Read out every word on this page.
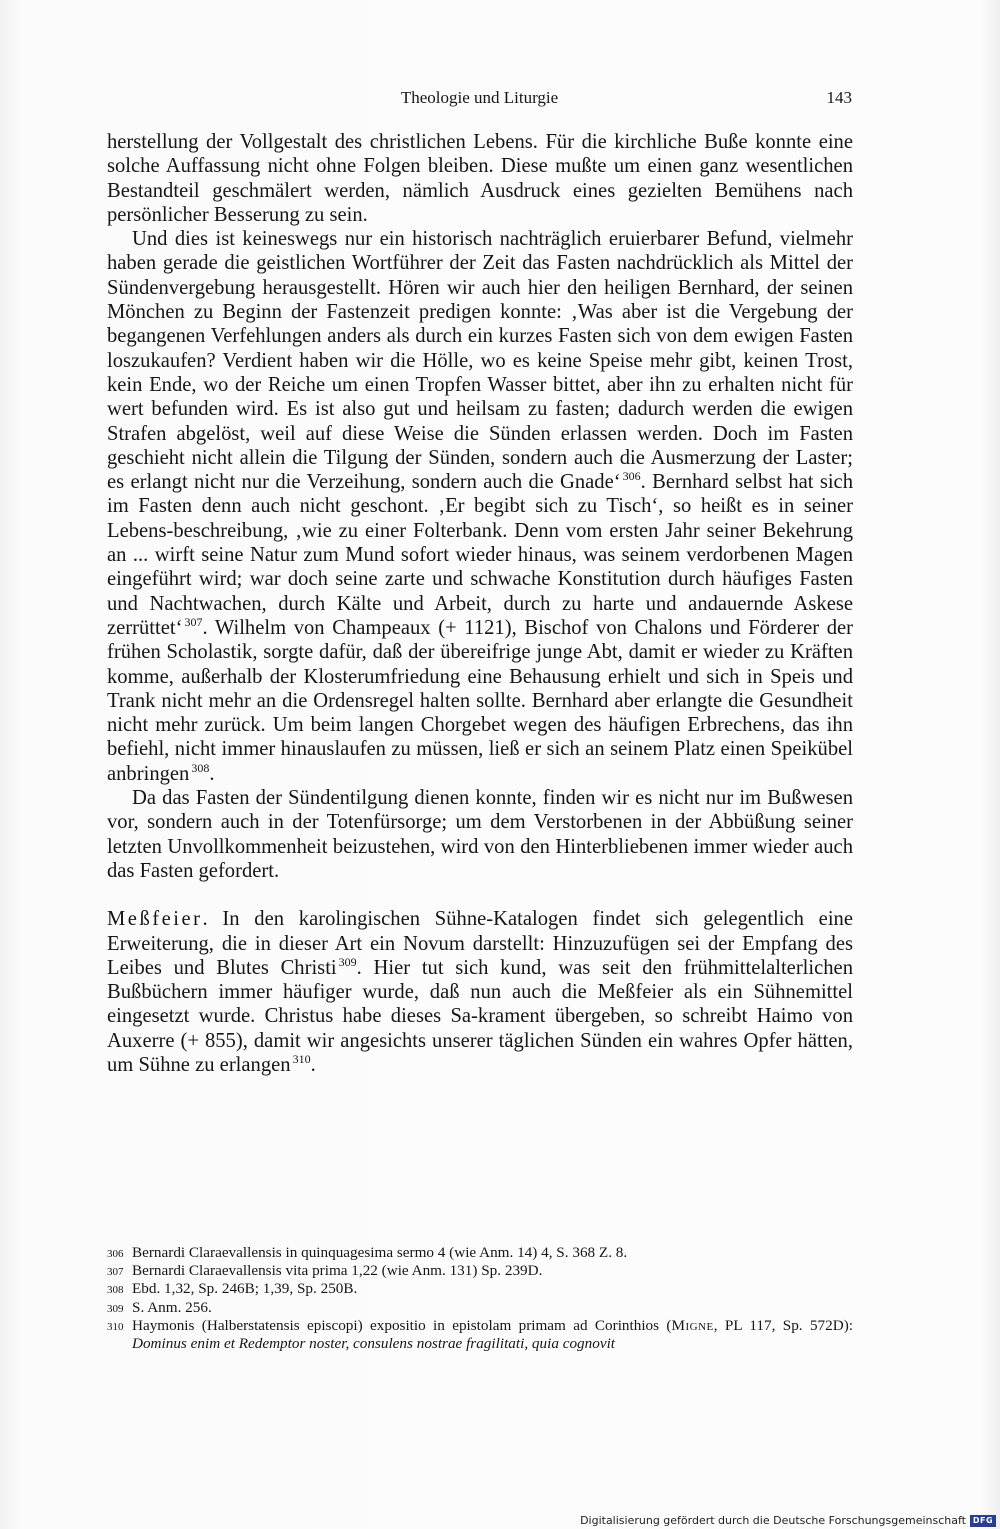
Theologie und Liturgie	143

herstellung der Vollgestalt des christlichen Lebens. Für die kirchliche Buße konnte eine solche Auffassung nicht ohne Folgen bleiben. Diese mußte um einen ganz wesentlichen Bestandteil geschmälert werden, nämlich Ausdruck eines gezielten Bemühens nach persönlicher Besserung zu sein.

Und dies ist keineswegs nur ein historisch nachträglich eruierbarer Befund, vielmehr haben gerade die geistlichen Wortführer der Zeit das Fasten nachdrücklich als Mittel der Sündenvergebung herausgestellt. Hören wir auch hier den heiligen Bernhard, der seinen Mönchen zu Beginn der Fastenzeit predigen konnte: ‚Was aber ist die Vergebung der begangenen Verfehlungen anders als durch ein kurzes Fasten sich von dem ewigen Fasten loszukaufen? Verdient haben wir die Hölle, wo es keine Speise mehr gibt, keinen Trost, kein Ende, wo der Reiche um einen Tropfen Wasser bittet, aber ihn zu erhalten nicht für wert befunden wird. Es ist also gut und heilsam zu fasten; dadurch werden die ewigen Strafen abgelöst, weil auf diese Weise die Sünden erlassen werden. Doch im Fasten geschieht nicht allein die Tilgung der Sünden, sondern auch die Ausmerzung der Laster; es erlangt nicht nur die Verzeihung, sondern auch die Gnade‘ $^{306}$. Bernhard selbst hat sich im Fasten denn auch nicht geschont. ‚Er begibt sich zu Tisch‘, so heißt es in seiner Lebens-beschreibung, ‚wie zu einer Folterbank. Denn vom ersten Jahr seiner Bekehrung an ... wirft seine Natur zum Mund sofort wieder hinaus, was seinem verdorbenen Magen eingeführt wird; war doch seine zarte und schwache Konstitution durch häufiges Fasten und Nachtwachen, durch Kälte und Arbeit, durch zu harte und andauernde Askese zerrüttet‘ $^{307}$. Wilhelm von Champeaux (+ 1121), Bischof von Chalons und Förderer der frühen Scholastik, sorgte dafür, daß der übereifrige junge Abt, damit er wieder zu Kräften komme, außerhalb der Klosterumfriedung eine Behausung erhielt und sich in Speis und Trank nicht mehr an die Ordensregel halten sollte. Bernhard aber erlangte die Gesundheit nicht mehr zurück. Um beim langen Chorgebet wegen des häufigen Erbrechens, das ihn befiehl, nicht immer hinauslaufen zu müssen, ließ er sich an seinem Platz einen Speikübel anbringen $^{308}$.

Da das Fasten der Sündentilgung dienen konnte, finden wir es nicht nur im Bußwesen vor, sondern auch in der Totenfürsorge; um dem Verstorbenen in der Abbüßung seiner letzten Unvollkommenheit beizustehen, wird von den Hinterbliebenen immer wieder auch das Fasten gefordert.

Meßfeier. In den karolingischen Sühne-Katalogen findet sich gelegentlich eine Erweiterung, die in dieser Art ein Novum darstellt: Hinzuzufügen sei der Empfang des Leibes und Blutes Christi $^{309}$. Hier tut sich kund, was seit den frühmittelalterlichen Bußbüchern immer häufiger wurde, daß nun auch die Meßfeier als ein Sühnemittel eingesetzt wurde. Christus habe dieses Sa-krament übergeben, so schreibt Haimo von Auxerre (+ 855), damit wir angesichts unserer täglichen Sünden ein wahres Opfer hätten, um Sühne zu erlangen $^{310}$.

306 Bernardi Claraevallensis in quinquagesima sermo 4 (wie Anm. 14) 4, S. 368 Z. 8.
307 Bernardi Claraevallensis vita prima 1,22 (wie Anm. 131) Sp. 239D.
308 Ebd. 1,32, Sp. 246B; 1,39, Sp. 250B.
309 S. Anm. 256.
310 Haymonis (Halberstatensis episcopi) expositio in epistolam primam ad Corinthios (Migne, PL 117, Sp. 572D): Dominus enim et Redemptor noster, consulens nostrae fragilitati, quia cognovit
Digitalisierung gefördert durch die Deutsche Forschungsgemeinschaft DFG
